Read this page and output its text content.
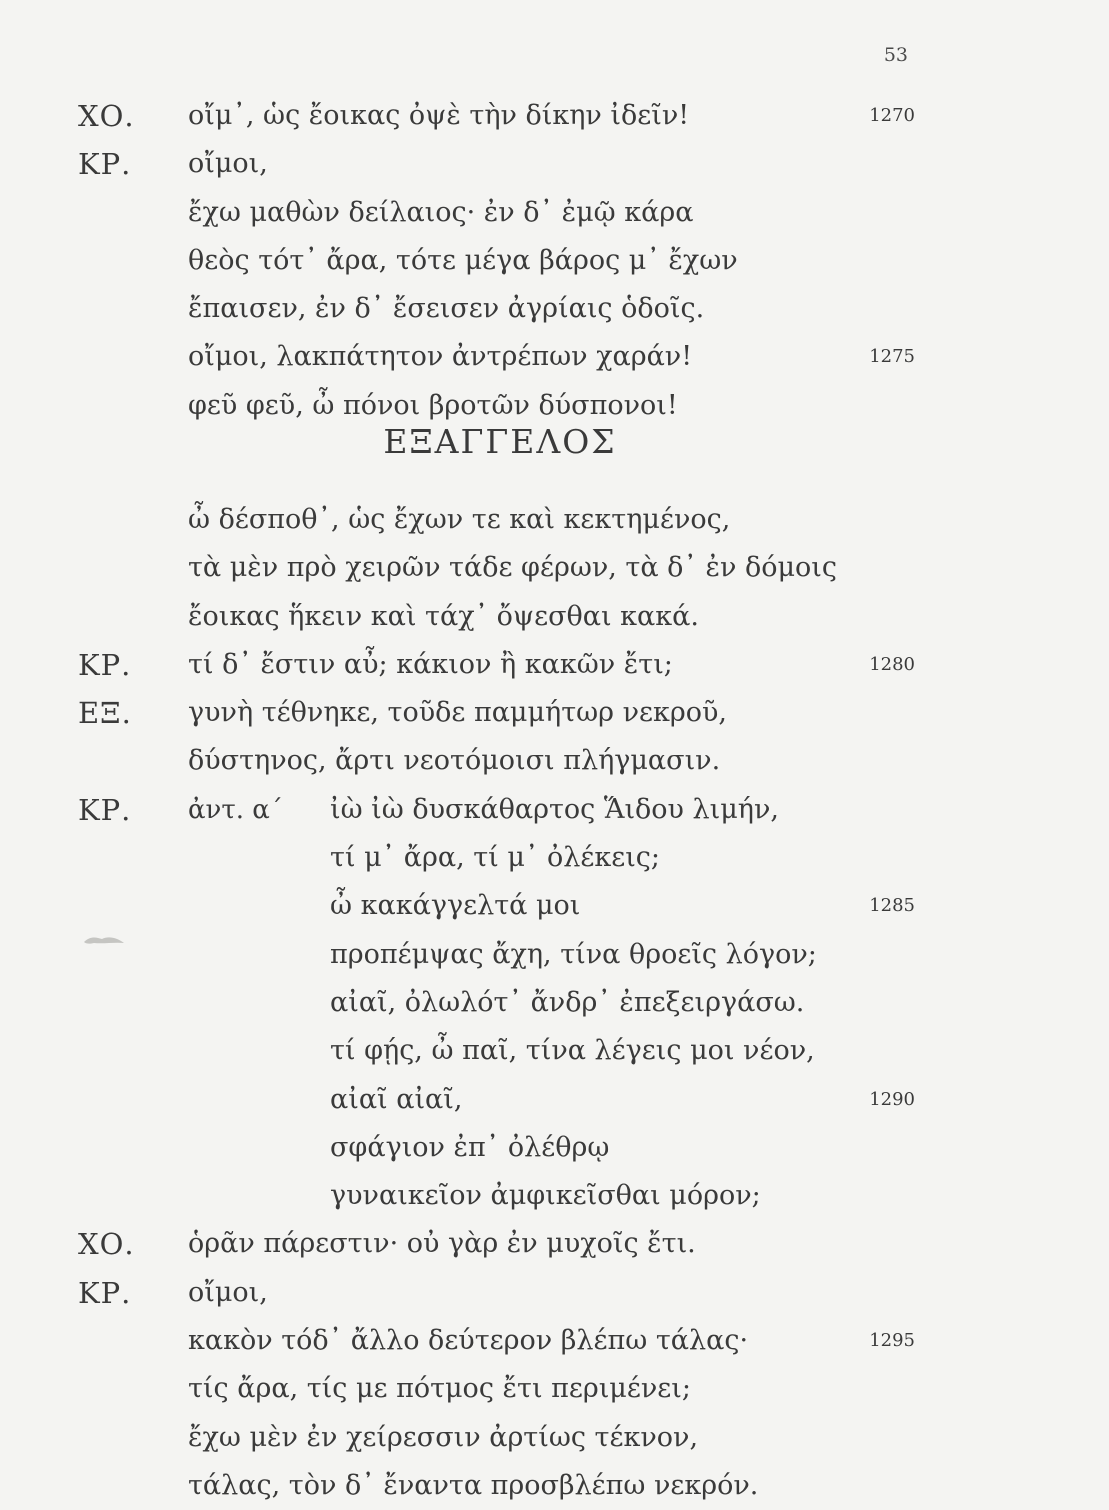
53
ΧΟ. οἴμ᾿, ὡς ἔοικας ὀψὲ τὴν δίκην ἰδεῖν!	1270
ΚΡ. οἴμοι,
ἔχω μαθὼν δείλαιος· ἐν δ᾿ ἐμῷ κάρα
θεὸς τότ᾿ ἄρα, τότε μέγα βάρος μ᾿ ἔχων
ἔπαισεν, ἐν δ᾿ ἔσεισεν ἀγρίαις ὁδοῖς.
οἴμοι, λακπάτητον ἀντρέπων χαράν!	1275
φεῦ φεῦ, ὦ πόνοι βροτῶν δύσπονοι!
ΕΞΑΓΓΕΛΟΣ
ὦ δέσποθ᾿, ὡς ἔχων τε καὶ κεκτημένος,
τὰ μὲν πρὸ χειρῶν τάδε φέρων, τὰ δ᾿ ἐν δόμοις
ἔοικας ἥκειν καὶ τάχ᾿ ὄψεσθαι κακά.
ΚΡ. τί δ᾿ ἔστιν αὖ; κάκιον ἢ κακῶν ἔτι;	1280
ΕΞ. γυνὴ τέθνηκε, τοῦδε παμμήτωρ νεκροῦ,
δύστηνος, ἄρτι νεοτόμοισι πλήγμασιν.
ΚΡ. ἀντ. α΄ ἰὼ ἰὼ δυσκάθαρτος Ἅιδου λιμήν,
τί μ᾿ ἄρα, τί μ᾿ ὀλέκεις;
ὦ κακάγγελτά μοι	1285
προπέμψας ἄχη, τίνα θροεῖς λόγον;
αἰαῖ, ὀλωλότ᾿ ἄνδρ᾿ ἐπεξειργάσω.
τί φῄς, ὦ παῖ, τίνα λέγεις μοι νέον,
αἰαῖ αἰαῖ,	1290
σφάγιον ἐπ᾿ ὀλέθρῳ
γυναικεῖον ἀμφικεῖσθαι μόρον;
ΧΟ. ὁρᾶν πάρεστιν· οὐ γὰρ ἐν μυχοῖς ἔτι.
ΚΡ. οἴμοι,
κακὸν τόδ᾿ ἄλλο δεύτερον βλέπω τάλας·	1295
τίς ἄρα, τίς με πότμος ἔτι περιμένει;
ἔχω μὲν ἐν χείρεσσιν ἀρτίως τέκνον,
τάλας, τὸν δ᾿ ἔναντα προσβλέπω νεκρόν.
